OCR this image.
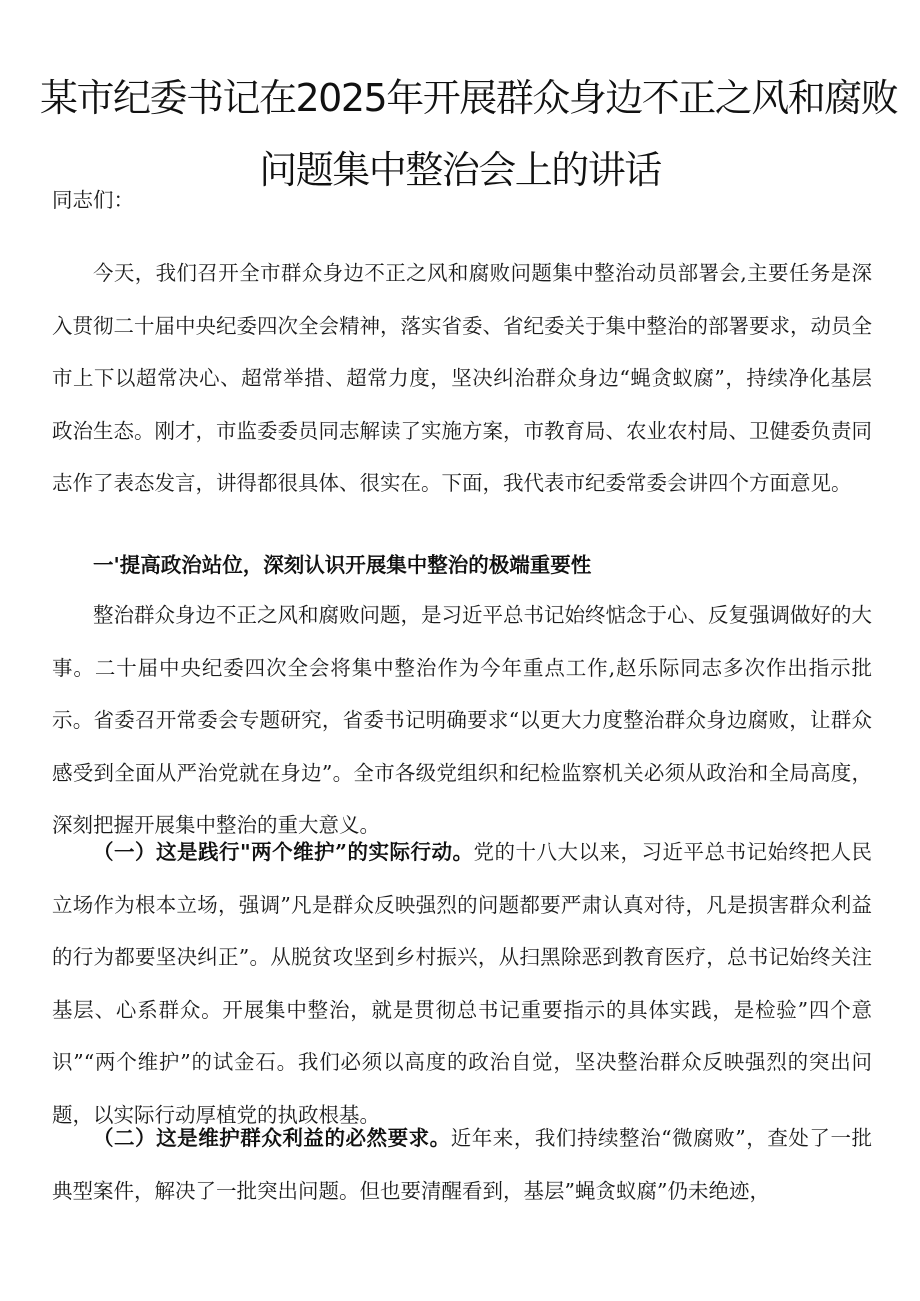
某市纪委书记在2025年开展群众身边不正之风和腐败
问题集中整治会上的讲话

同志们：

今天，我们召开全市群众身边不正之风和腐败问题集中整治动员部署会,主要任务是深入贯彻二十届中央纪委四次全会精神，落实省委、省纪委关于集中整治的部署要求，动员全市上下以超常决心、超常举措、超常力度，坚决纠治群众身边“蝇贪蚁腐”，持续净化基层政治生态。刚才，市监委委员同志解读了实施方案，市教育局、农业农村局、卫健委负责同志作了表态发言，讲得都很具体、很实在。下面，我代表市纪委常委会讲四个方面意见。

一'提高政治站位，深刻认识开展集中整治的极端重要性

整治群众身边不正之风和腐败问题，是习近平总书记始终惦念于心、反复强调做好的大事。二十届中央纪委四次全会将集中整治作为今年重点工作,赵乐际同志多次作出指示批示。省委召开常委会专题研究，省委书记明确要求“以更大力度整治群众身边腐败，让群众感受到全面从严治党就在身边”。全市各级党组织和纪检监察机关必须从政治和全局高度，深刻把握开展集中整治的重大意义。

（一）这是践行"两个维护”的实际行动。党的十八大以来，习近平总书记始终把人民立场作为根本立场，强调”凡是群众反映强烈的问题都要严肃认真对待，凡是损害群众利益的行为都要坚决纠正”。从脱贫攻坚到乡村振兴，从扫黑除恶到教育医疗，总书记始终关注基层、心系群众。开展集中整治，就是贯彻总书记重要指示的具体实践，是检验”四个意识”“两个维护”的试金石。我们必须以高度的政治自觉，坚决整治群众反映强烈的突出问题，以实际行动厚植党的执政根基。

（二）这是维护群众利益的必然要求。近年来，我们持续整治“微腐败”，查处了一批典型案件，解决了一批突出问题。但也要清醒看到，基层”蝇贪蚁腐”仍未绝迹，
